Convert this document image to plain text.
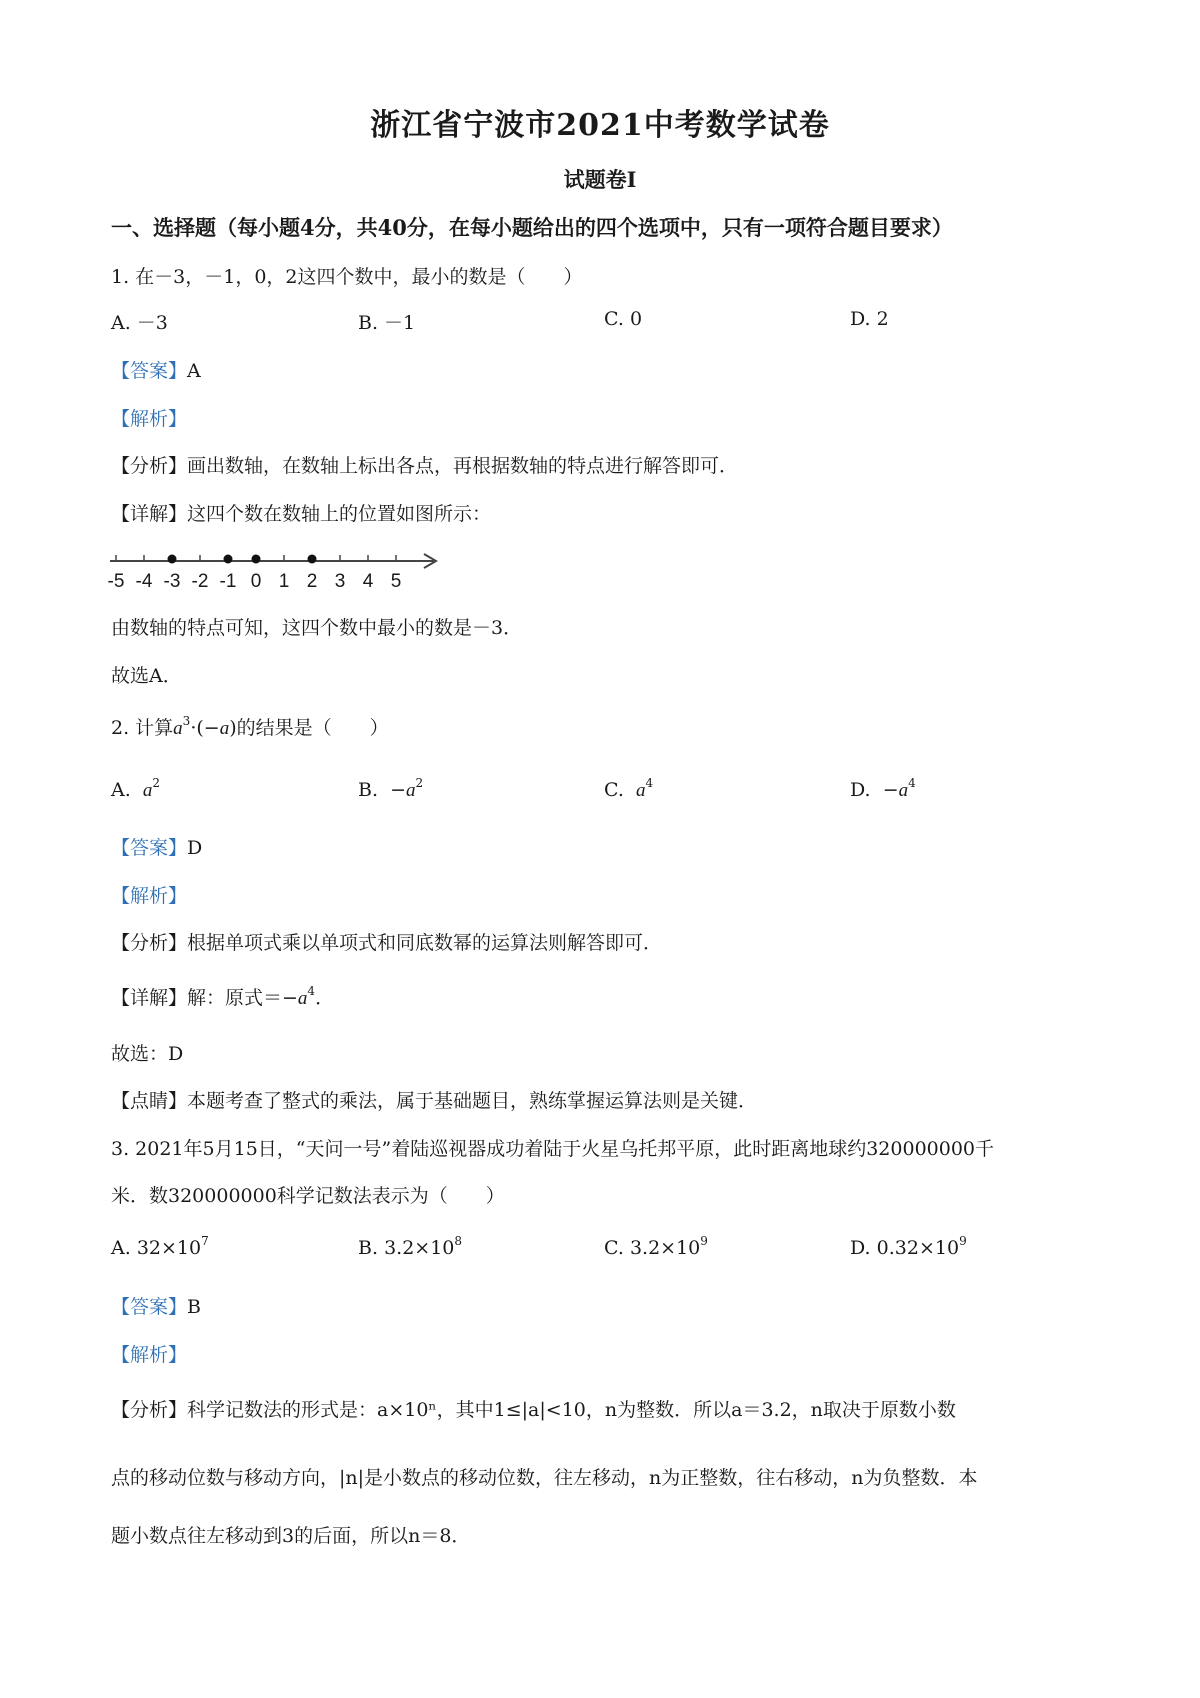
浙江省宁波市2021中考数学试卷
试题卷Ⅰ
一、选择题（每小题4分，共40分，在每小题给出的四个选项中，只有一项符合题目要求）
1. 在－3，－1，0，2这四个数中，最小的数是（　　）
A. －3	B. －1	C. 0	D. 2
【答案】A
【解析】
【分析】画出数轴，在数轴上标出各点，再根据数轴的特点进行解答即可．
【详解】这四个数在数轴上的位置如图所示：
-5 -4 -3 -2 -1 0 1 2 3 4 5
由数轴的特点可知，这四个数中最小的数是－3．
故选A．
2. 计算$a^3\cdot(-a)$的结果是（　　）
A. $a^2$	B. $-a^2$	C. $a^4$	D. $-a^4$
【答案】D
【解析】
【分析】根据单项式乘以单项式和同底数幂的运算法则解答即可．
【详解】解：原式$=-a^4$．
故选：D
【点睛】本题考查了整式的乘法，属于基础题目，熟练掌握运算法则是关键．
3. 2021年5月15日，“天问一号”着陆巡视器成功着陆于火星乌托邦平原，此时距离地球约320000000千
米．数320000000科学记数法表示为（　　）
A. $32\times 10^7$	B. $3.2\times 10^8$	C. $3.2\times 10^9$	D. $0.32\times 10^9$
【答案】B
【解析】
【分析】科学记数法的形式是：a×10ⁿ，其中1≤|a|<10，n为整数．所以a＝3.2，n取决于原数小数
点的移动位数与移动方向，|n|是小数点的移动位数，往左移动，n为正整数，往右移动，n为负整数．本
题小数点往左移动到3的后面，所以n＝8．
